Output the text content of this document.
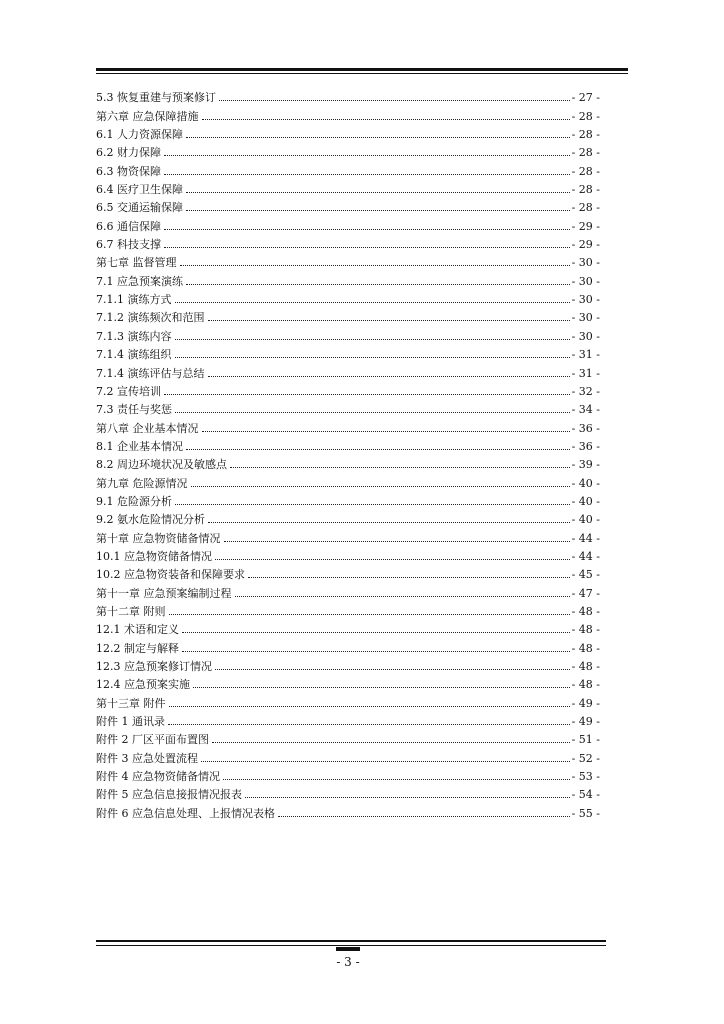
5.3 恢复重建与预案修订	- 27 -
第六章 应急保障措施	- 28 -
6.1 人力资源保障	- 28 -
6.2 财力保障	- 28 -
6.3 物资保障	- 28 -
6.4 医疗卫生保障	- 28 -
6.5 交通运输保障	- 28 -
6.6 通信保障	- 29 -
6.7 科技支撑	- 29 -
第七章 监督管理	- 30 -
7.1 应急预案演练	- 30 -
7.1.1 演练方式	- 30 -
7.1.2 演练频次和范围	- 30 -
7.1.3 演练内容	- 30 -
7.1.4 演练组织	- 31 -
7.1.4 演练评估与总结	- 31 -
7.2 宣传培训	- 32 -
7.3 责任与奖惩	- 34 -
第八章 企业基本情况	- 36 -
8.1 企业基本情况	- 36 -
8.2 周边环境状况及敏感点	- 39 -
第九章 危险源情况	- 40 -
9.1 危险源分析	- 40 -
9.2 氨水危险情况分析	- 40 -
第十章 应急物资储备情况	- 44 -
10.1 应急物资储备情况	- 44 -
10.2 应急物资装备和保障要求	- 45 -
第十一章 应急预案编制过程	- 47 -
第十二章 附则	- 48 -
12.1 术语和定义	- 48 -
12.2 制定与解释	- 48 -
12.3 应急预案修订情况	- 48 -
12.4 应急预案实施	- 48 -
第十三章 附件	- 49 -
附件 1 通讯录	- 49 -
附件 2 厂区平面布置图	- 51 -
附件 3 应急处置流程	- 52 -
附件 4 应急物资储备情况	- 53 -
附件 5 应急信息接报情况报表	- 54 -
附件 6 应急信息处理、上报情况表格	- 55 -
- 3 -
